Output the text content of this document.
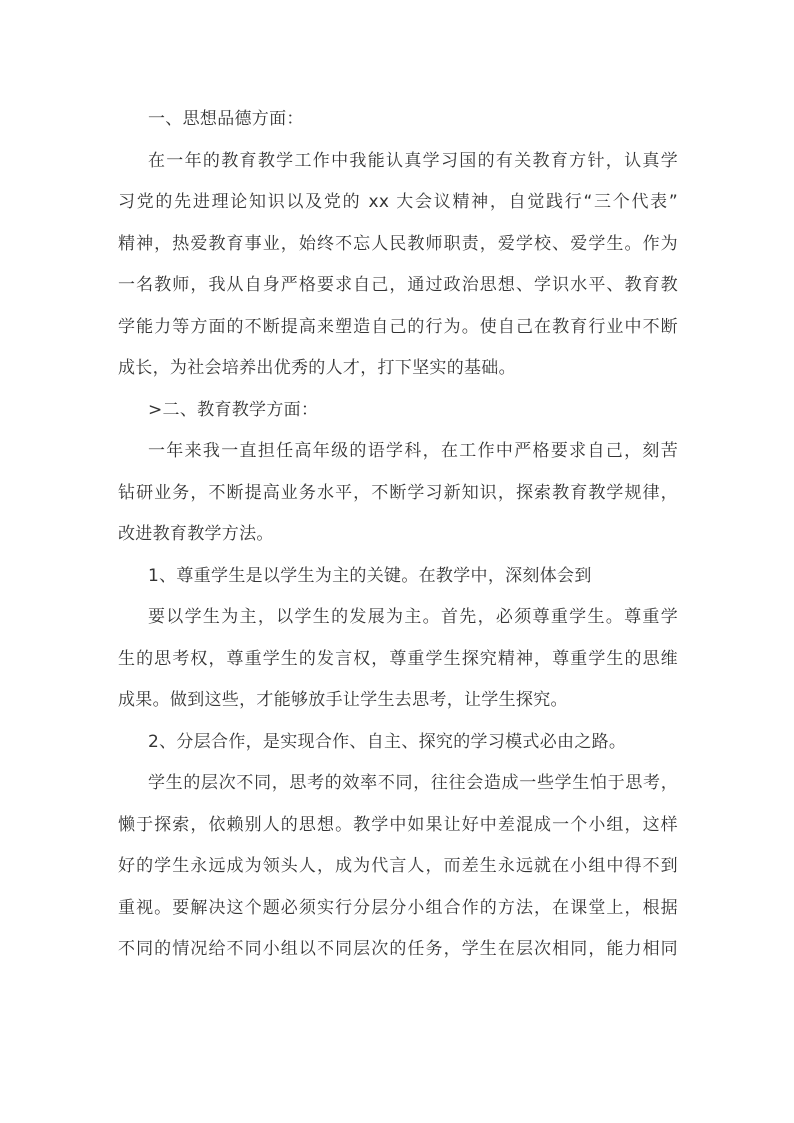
一、思想品德方面：
在一年的教育教学工作中我能认真学习国的有关教育方针，认真学
习党的先进理论知识以及党的 xx 大会议精神，自觉践行“三个代表”
精神，热爱教育事业，始终不忘人民教师职责，爱学校、爱学生。作为
一名教师，我从自身严格要求自己，通过政治思想、学识水平、教育教
学能力等方面的不断提高来塑造自己的行为。使自己在教育行业中不断
成长，为社会培养出优秀的人才，打下坚实的基础。
>二、教育教学方面：
一年来我一直担任高年级的语学科，在工作中严格要求自己，刻苦
钻研业务，不断提高业务水平，不断学习新知识，探索教育教学规律，
改进教育教学方法。
1、尊重学生是以学生为主的关键。在教学中，深刻体会到
要以学生为主，以学生的发展为主。首先，必须尊重学生。尊重学
生的思考权，尊重学生的发言权，尊重学生探究精神，尊重学生的思维
成果。做到这些，才能够放手让学生去思考，让学生探究。
2、分层合作，是实现合作、自主、探究的学习模式必由之路。
学生的层次不同，思考的效率不同，往往会造成一些学生怕于思考，
懒于探索，依赖别人的思想。教学中如果让好中差混成一个小组，这样
好的学生永远成为领头人，成为代言人，而差生永远就在小组中得不到
重视。要解决这个题必须实行分层分小组合作的方法，在课堂上，根据
不同的情况给不同小组以不同层次的任务，学生在层次相同，能力相同
